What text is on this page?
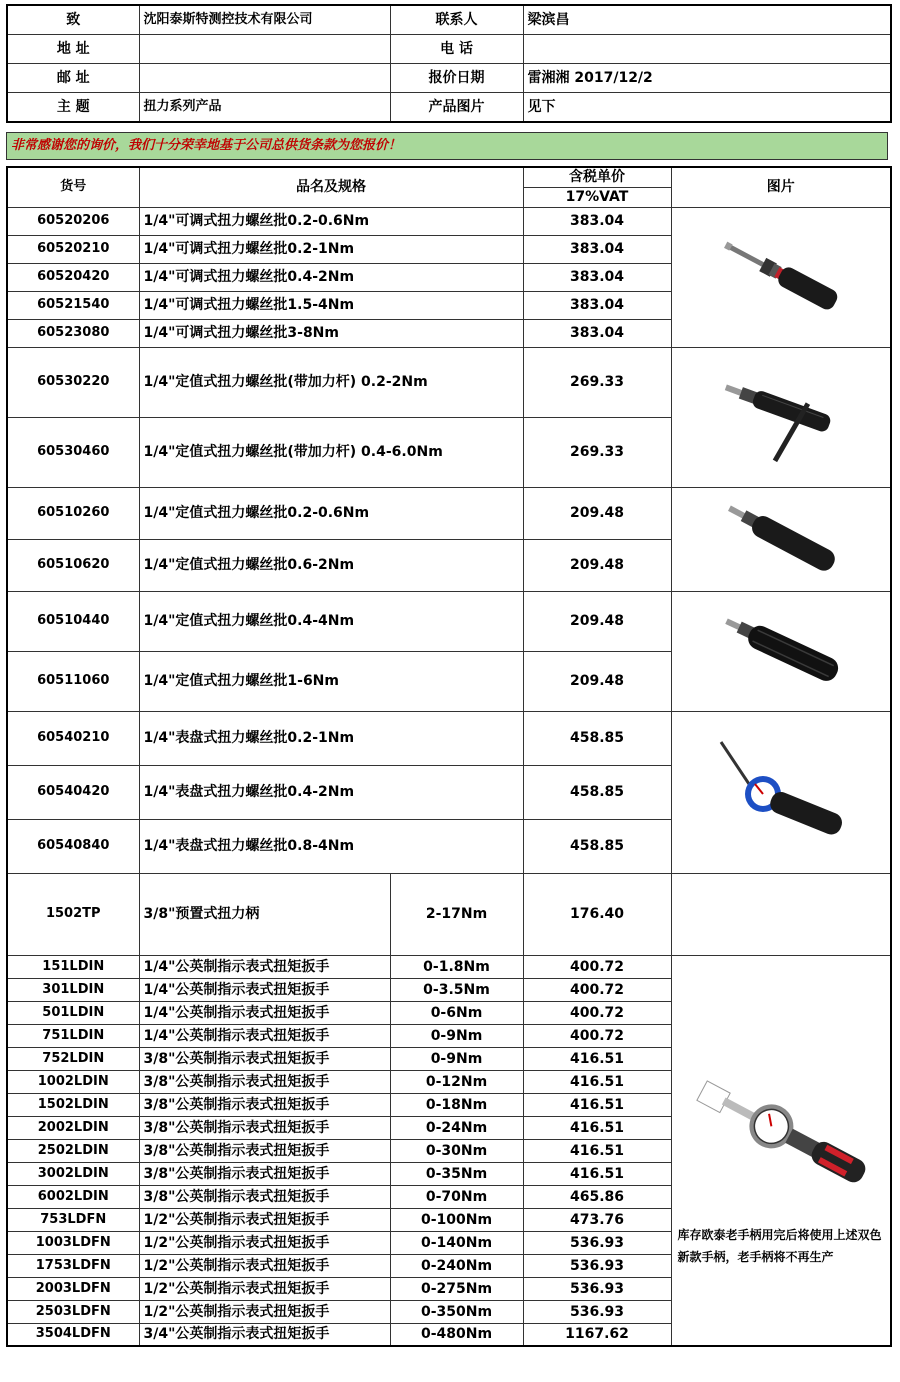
致	沈阳泰斯特测控技术有限公司	联系人	梁滨昌
地 址		电 话	
邮 址		报价日期	雷湘湘 2017/12/2
主 题	扭力系列产品	产品图片	见下
非常感谢您的询价，我们十分荣幸地基于公司总供货条款为您报价！
货号	品名及规格		含税单价	图片
			17%VAT	
60520206	1/4"可调式扭力螺丝批0.2-0.6Nm		383.04	

60520210	1/4"可调式扭力螺丝批0.2-1Nm		383.04	
60520420	1/4"可调式扭力螺丝批0.4-2Nm		383.04	
60521540	1/4"可调式扭力螺丝批1.5-4Nm		383.04	
60523080	1/4"可调式扭力螺丝批3-8Nm		383.04	
60530220	1/4"定值式扭力螺丝批(带加力杆) 0.2-2Nm		269.33	

60530460	1/4"定值式扭力螺丝批(带加力杆) 0.4-6.0Nm		269.33	
60510260	1/4"定值式扭力螺丝批0.2-0.6Nm		209.48	

60510620	1/4"定值式扭力螺丝批0.6-2Nm		209.48	
60510440	1/4"定值式扭力螺丝批0.4-4Nm		209.48	

60511060	1/4"定值式扭力螺丝批1-6Nm		209.48	
60540210	1/4"表盘式扭力螺丝批0.2-1Nm		458.85	

60540420	1/4"表盘式扭力螺丝批0.4-2Nm		458.85	
60540840	1/4"表盘式扭力螺丝批0.8-4Nm		458.85	
1502TP	3/8"预置式扭力柄	2-17Nm	176.40	
151LDIN	1/4"公英制指示表式扭矩扳手	0-1.8Nm	400.72	库存欧泰老手柄用完后将使用上述双色新款手柄，老手柄将不再生产

301LDIN	1/4"公英制指示表式扭矩扳手	0-3.5Nm	400.72	
501LDIN	1/4"公英制指示表式扭矩扳手	0-6Nm	400.72	
751LDIN	1/4"公英制指示表式扭矩扳手	0-9Nm	400.72	
752LDIN	3/8"公英制指示表式扭矩扳手	0-9Nm	416.51	
1002LDIN	3/8"公英制指示表式扭矩扳手	0-12Nm	416.51	
1502LDIN	3/8"公英制指示表式扭矩扳手	0-18Nm	416.51	
2002LDIN	3/8"公英制指示表式扭矩扳手	0-24Nm	416.51	
2502LDIN	3/8"公英制指示表式扭矩扳手	0-30Nm	416.51	
3002LDIN	3/8"公英制指示表式扭矩扳手	0-35Nm	416.51	
6002LDIN	3/8"公英制指示表式扭矩扳手	0-70Nm	465.86	
753LDFN	1/2"公英制指示表式扭矩扳手	0-100Nm	473.76	
1003LDFN	1/2"公英制指示表式扭矩扳手	0-140Nm	536.93	
1753LDFN	1/2"公英制指示表式扭矩扳手	0-240Nm	536.93	
2003LDFN	1/2"公英制指示表式扭矩扳手	0-275Nm	536.93	
2503LDFN	1/2"公英制指示表式扭矩扳手	0-350Nm	536.93	
3504LDFN	3/4"公英制指示表式扭矩扳手	0-480Nm	1167.62	
